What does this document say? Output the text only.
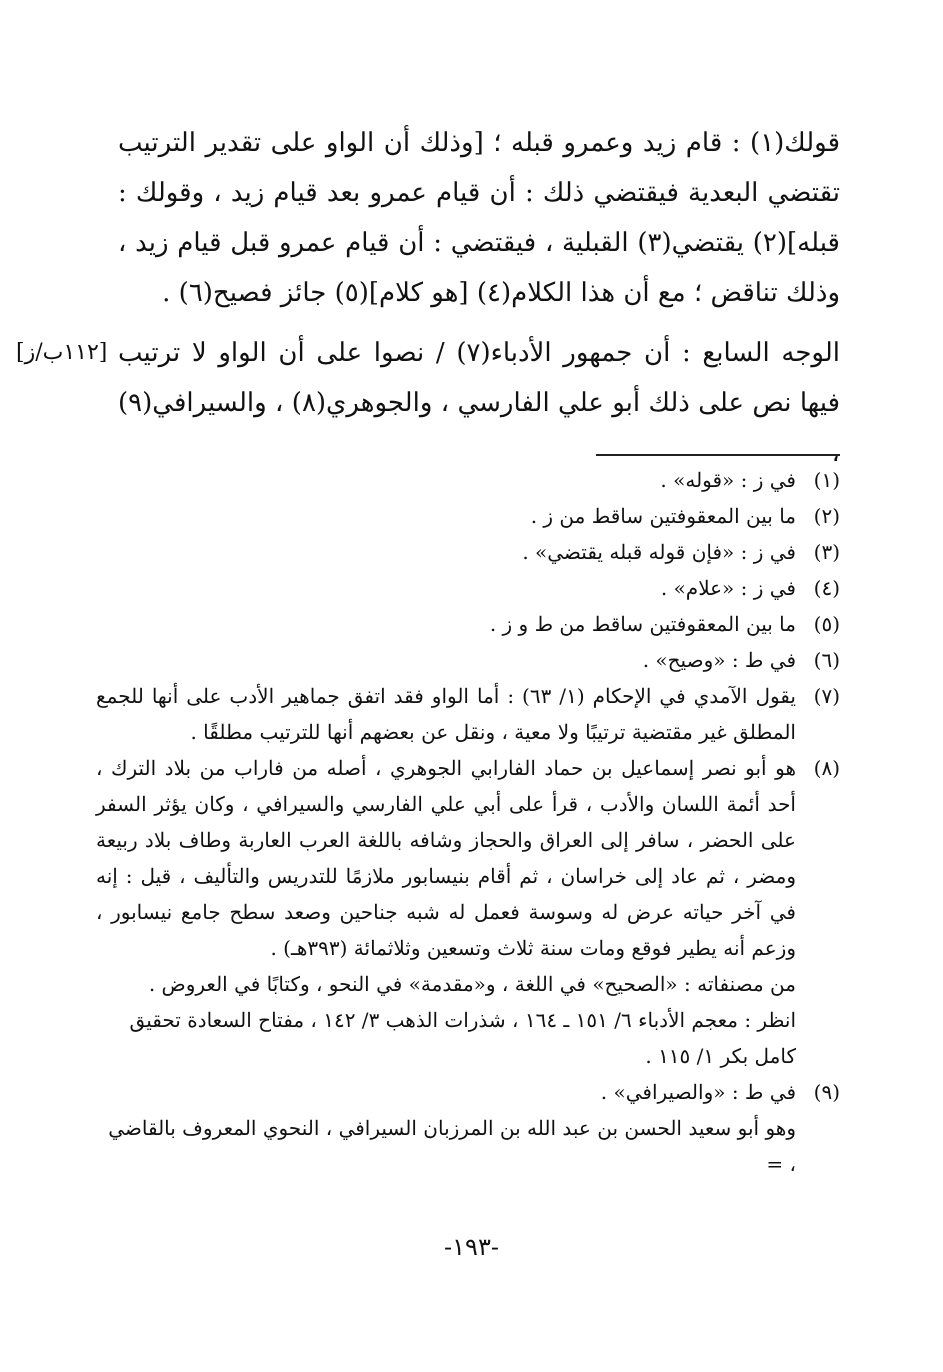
قولك(١) : قام زيد وعمرو قبله ؛ [وذلك أن الواو على تقدير الترتيب تقتضي البعدية فيقتضي ذلك : أن قيام عمرو بعد قيام زيد ، وقولك : قبله](٢) يقتضي(٣) القبلية ، فيقتضي : أن قيام عمرو قبل قيام زيد ، وذلك تناقض ؛ مع أن هذا الكلام(٤) [هو كلام](٥) جائز فصيح(٦) .

الوجه السابع : أن جمهور الأدباء(٧) / نصوا على أن الواو لا ترتيب فيها نص على ذلك أبو علي الفارسي ، والجوهري(٨) ، والسيرافي(٩) ،

[١١٢ب/ز]
(١)
في ز : «قوله» .
(٢)
ما بين المعقوفتين ساقط من ز .
(٣)
في ز : «فإن قوله قبله يقتضي» .
(٤)
في ز : «علام» .
(٥)
ما بين المعقوفتين ساقط من ط و ز .
(٦)
في ط : «وصيح» .
(٧)
يقول الآمدي في الإحكام (١/ ٦٣) : أما الواو فقد اتفق جماهير الأدب على أنها للجمع المطلق غير مقتضية ترتيبًا ولا معية ، ونقل عن بعضهم أنها للترتيب مطلقًا .
(٨)
هو أبو نصر إسماعيل بن حماد الفارابي الجوهري ، أصله من فاراب من بلاد الترك ، أحد أئمة اللسان والأدب ، قرأ على أبي علي الفارسي والسيرافي ، وكان يؤثر السفر على الحضر ، سافر إلى العراق والحجاز وشافه باللغة العرب العاربة وطاف بلاد ربيعة ومضر ، ثم عاد إلى خراسان ، ثم أقام بنيسابور ملازمًا للتدريس والتأليف ، قيل : إنه في آخر حياته عرض له وسوسة فعمل له شبه جناحين وصعد سطح جامع نيسابور ، وزعم أنه يطير فوقع ومات سنة ثلاث وتسعين وثلاثمائة (٣٩٣هـ) .
من مصنفاته : «الصحيح» في اللغة ، و«مقدمة» في النحو ، وكتابًا في العروض .
انظر : معجم الأدباء ٦/ ١٥١ ـ ١٦٤ ، شذرات الذهب ٣/ ١٤٢ ، مفتاح السعادة تحقيق كامل بكر ١/ ١١٥ .
(٩)
في ط : «والصيرافي» .
وهو أبو سعيد الحسن بن عبد الله بن المرزبان السيرافي ، النحوي المعروف بالقاضي ، =
-١٩٣-
